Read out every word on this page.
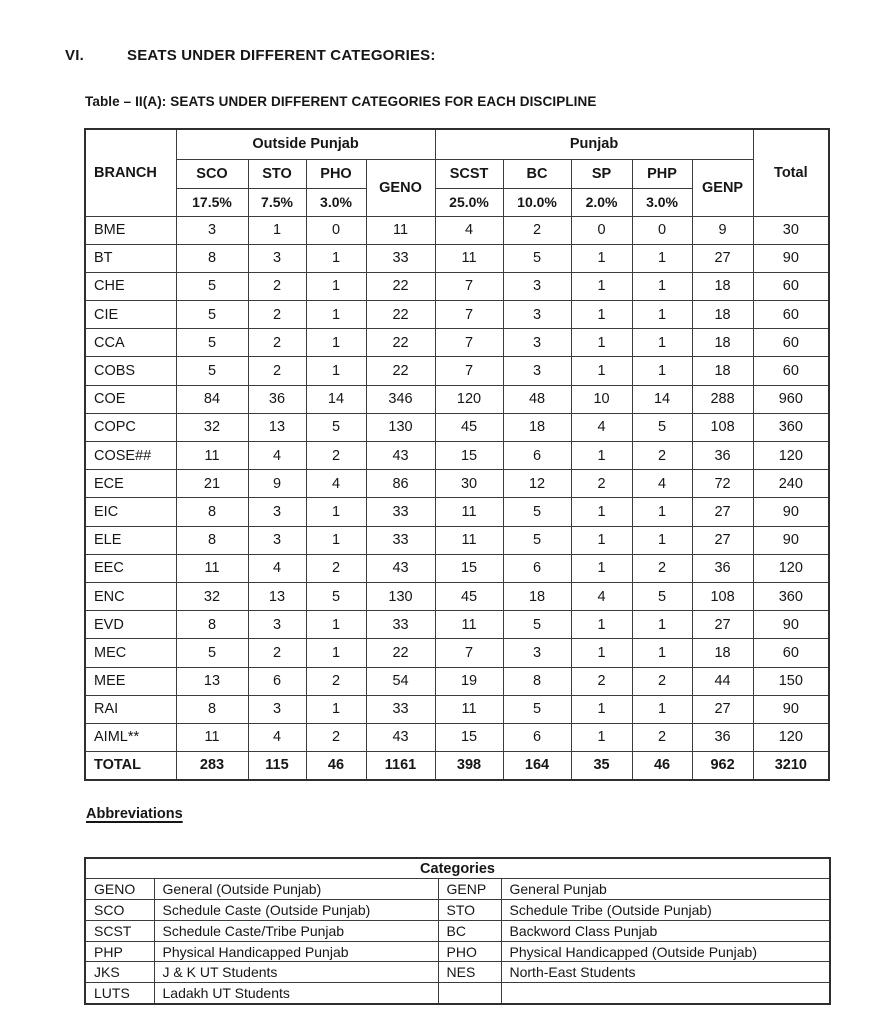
VI.	SEATS UNDER DIFFERENT CATEGORIES:
Table – II(A): SEATS UNDER DIFFERENT CATEGORIES FOR EACH DISCIPLINE
BRANCH	Outside Punjab				Punjab					Total
	SCO	STO	PHO	GENO	SCST	BC	SP	PHP	GENP	
	17.5%	7.5%	3.0%		25.0%	10.0%	2.0%	3.0%		
BME	3	1	0	11	4	2	0	0	9	30
BT	8	3	1	33	11	5	1	1	27	90
CHE	5	2	1	22	7	3	1	1	18	60
CIE	5	2	1	22	7	3	1	1	18	60
CCA	5	2	1	22	7	3	1	1	18	60
COBS	5	2	1	22	7	3	1	1	18	60
COE	84	36	14	346	120	48	10	14	288	960
COPC	32	13	5	130	45	18	4	5	108	360
COSE##	11	4	2	43	15	6	1	2	36	120
ECE	21	9	4	86	30	12	2	4	72	240
EIC	8	3	1	33	11	5	1	1	27	90
ELE	8	3	1	33	11	5	1	1	27	90
EEC	11	4	2	43	15	6	1	2	36	120
ENC	32	13	5	130	45	18	4	5	108	360
EVD	8	3	1	33	11	5	1	1	27	90
MEC	5	2	1	22	7	3	1	1	18	60
MEE	13	6	2	54	19	8	2	2	44	150
RAI	8	3	1	33	11	5	1	1	27	90
AIML**	11	4	2	43	15	6	1	2	36	120
TOTAL	283	115	46	1161	398	164	35	46	962	3210
Abbreviations
Categories			
GENO	General (Outside Punjab)	GENP	General Punjab
SCO	Schedule Caste (Outside Punjab)	STO	Schedule Tribe (Outside Punjab)
SCST	Schedule Caste/Tribe Punjab	BC	Backword Class Punjab
PHP	Physical Handicapped Punjab	PHO	Physical Handicapped (Outside Punjab)
JKS	J & K UT Students	NES	North-East Students
LUTS	Ladakh UT Students		
